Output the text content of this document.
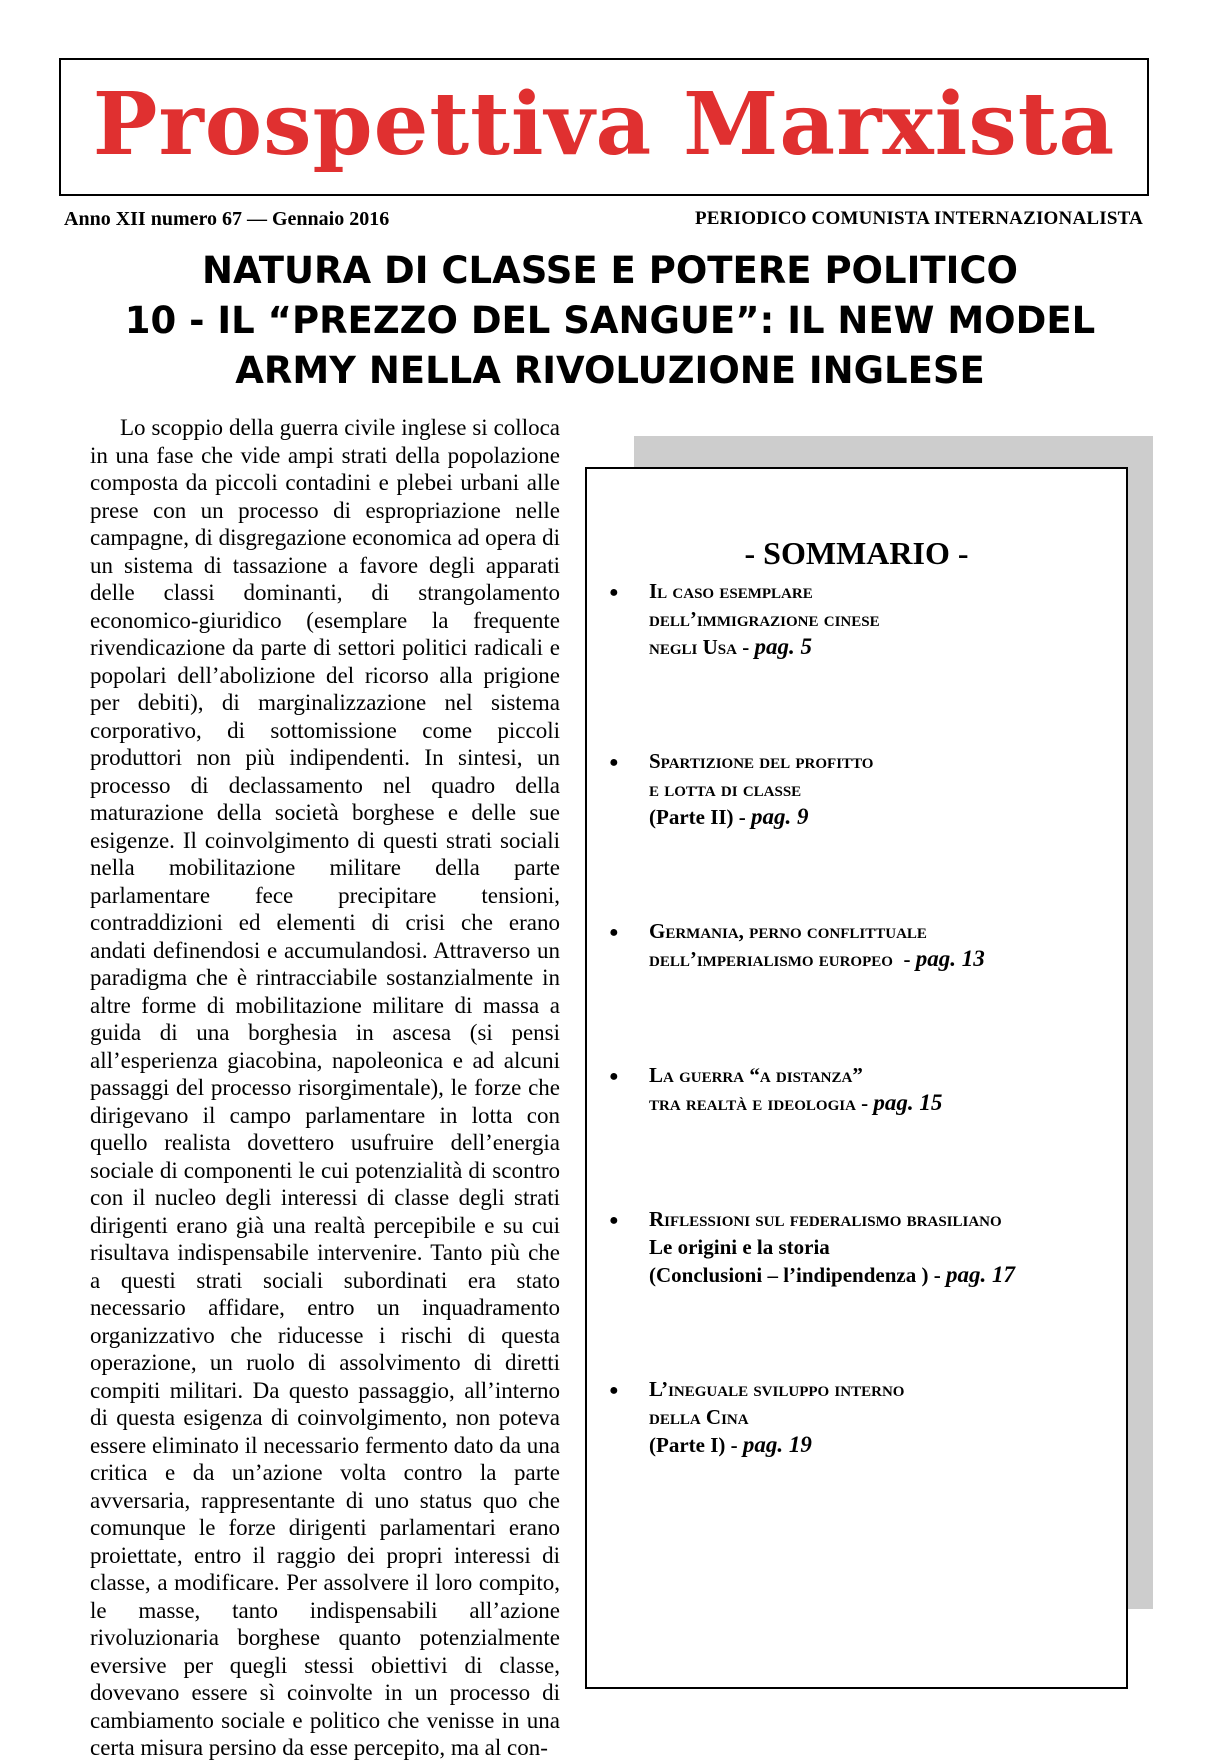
Prospettiva Marxista
Anno XII numero 67 — Gennaio 2016	PERIODICO COMUNISTA INTERNAZIONALISTA
NATURA DI CLASSE E POTERE POLITICO
10 - IL “PREZZO DEL SANGUE”: IL NEW MODEL
ARMY NELLA RIVOLUZIONE INGLESE

Lo scoppio della guerra civile inglese si colloca in una fase che vide ampi strati della popolazione composta da piccoli contadini e plebei urbani alle prese con un processo di espropriazione nelle campagne, di disgregazione economica ad opera di un sistema di tassazione a favore degli apparati delle classi dominanti, di strangolamento economico-giuridico (esemplare la frequente rivendicazione da parte di settori politici radicali e popolari dell’abolizione del ricorso alla prigione per debiti), di marginalizzazione nel sistema corporativo, di sottomissione come piccoli produttori non più indipendenti. In sintesi, un processo di declassamento nel quadro della maturazione della società borghese e delle sue esigenze. Il coinvolgimento di questi strati sociali nella mobilitazione militare della parte parlamentare fece precipitare tensioni, contraddizioni ed elementi di crisi che erano andati definendosi e accumulandosi. Attraverso un paradigma che è rintracciabile sostanzialmente in altre forme di mobilitazione militare di massa a guida di una borghesia in ascesa (si pensi all’esperienza giacobina, napoleonica e ad alcuni passaggi del processo risorgimentale), le forze che dirigevano il campo parlamentare in lotta con quello realista dovettero usufruire dell’energia sociale di componenti le cui potenzialità di scontro con il nucleo degli interessi di classe degli strati dirigenti erano già una realtà percepibile e su cui risultava indispensabile intervenire. Tanto più che a questi strati sociali subordinati era stato necessario affidare, entro un inquadramento organizzativo che riducesse i rischi di questa operazione, un ruolo di assolvimento di diretti compiti militari. Da questo passaggio, all’interno di questa esigenza di coinvolgimento, non poteva essere eliminato il necessario fermento dato da una critica e da un’azione volta contro la parte avversaria, rappresentante di uno status quo che comunque le forze dirigenti parlamentari erano proiettate, entro il raggio dei propri interessi di classe, a modificare. Per assolvere il loro compito, le masse, tanto indispensabili all’azione rivoluzionaria borghese quanto potenzialmente eversive per quegli stessi obiettivi di classe, dovevano essere sì coinvolte in un processo di cambiamento sociale e politico che venisse in una certa misura persino da esse percepito, ma al con-

- SOMMARIO -
● Il caso esemplare
dell’immigrazione cinese
negli Usa - pag. 5
● Spartizione del profitto
e lotta di classe
(Parte II) - pag. 9
● Germania, perno conflittuale
dell’imperialismo europeo  - pag. 13
● La guerra “a distanza”
tra realtà e ideologia - pag. 15
● Riflessioni sul federalismo brasiliano
Le origini e la storia
(Conclusioni – l’indipendenza ) - pag. 17
● L’ineguale sviluppo interno
della Cina
(Parte I) - pag. 19
